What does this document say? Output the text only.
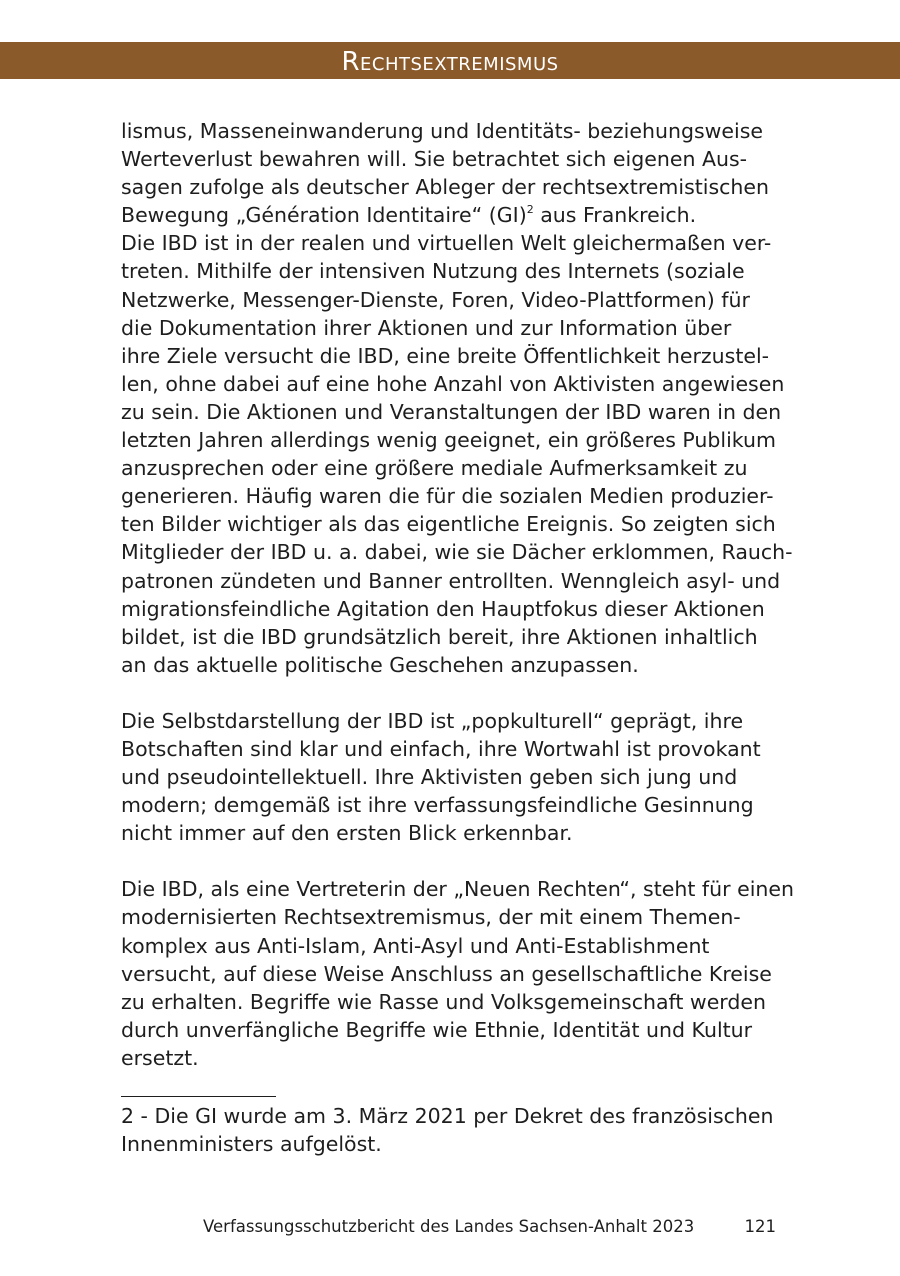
Rechtsextremismus

lismus, Masseneinwanderung und Identitäts- beziehungsweise
Werteverlust bewahren will. Sie betrachtet sich eigenen Aus-
sagen zufolge als deutscher Ableger der rechtsextremistischen
Bewegung „Génération Identitaire“ (GI)$^2$ aus Frankreich.

Die IBD ist in der realen und virtuellen Welt gleichermaßen ver-
treten. Mithilfe der intensiven Nutzung des Internets (soziale
Netzwerke, Messenger-Dienste, Foren, Video-Plattformen) für
die Dokumentation ihrer Aktionen und zur Information über
ihre Ziele versucht die IBD, eine breite Öffentlichkeit herzustel-
len, ohne dabei auf eine hohe Anzahl von Aktivisten angewiesen
zu sein. Die Aktionen und Veranstaltungen der IBD waren in den
letzten Jahren allerdings wenig geeignet, ein größeres Publikum
anzusprechen oder eine größere mediale Aufmerksamkeit zu
generieren. Häufig waren die für die sozialen Medien produzier-
ten Bilder wichtiger als das eigentliche Ereignis. So zeigten sich
Mitglieder der IBD u. a. dabei, wie sie Dächer erklommen, Rauch-
patronen zündeten und Banner entrollten. Wenngleich asyl- und
migrationsfeindliche Agitation den Hauptfokus dieser Aktionen
bildet, ist die IBD grundsätzlich bereit, ihre Aktionen inhaltlich
an das aktuelle politische Geschehen anzupassen.

Die Selbstdarstellung der IBD ist „popkulturell“ geprägt, ihre
Botschaften sind klar und einfach, ihre Wortwahl ist provokant
und pseudointellektuell. Ihre Aktivisten geben sich jung und
modern; demgemäß ist ihre verfassungsfeindliche Gesinnung
nicht immer auf den ersten Blick erkennbar.

Die IBD, als eine Vertreterin der „Neuen Rechten“, steht für einen
modernisierten Rechtsextremismus, der mit einem Themen-
komplex aus Anti-Islam, Anti-Asyl und Anti-Establishment
versucht, auf diese Weise Anschluss an gesellschaftliche Kreise
zu erhalten. Begriffe wie Rasse und Volksgemeinschaft werden
durch unverfängliche Begriffe wie Ethnie, Identität und Kultur
ersetzt.

2 - Die GI wurde am 3. März 2021 per Dekret des französischen
Innenministers aufgelöst.
Verfassungsschutzbericht des Landes Sachsen-Anhalt 2023	121
